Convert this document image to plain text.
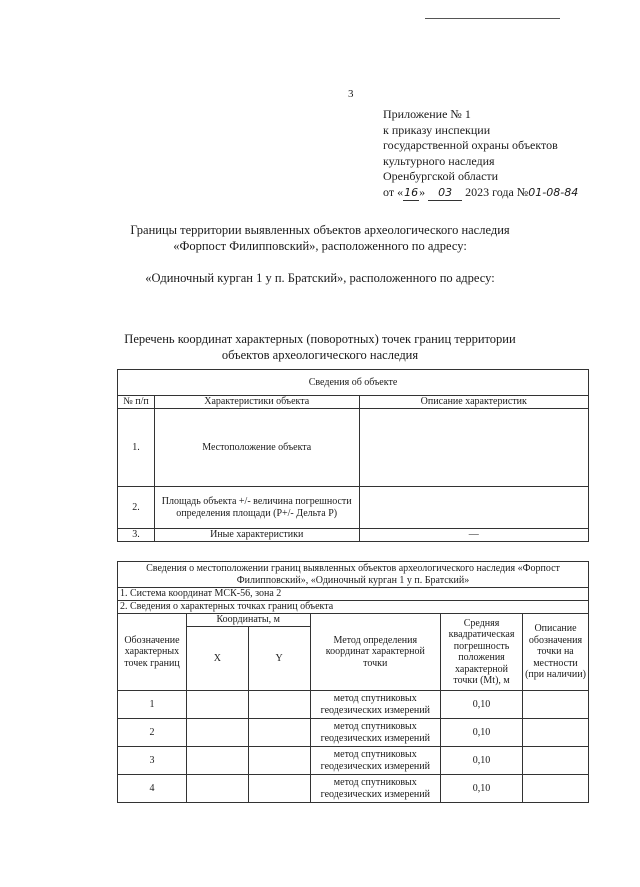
3
Приложение № 1
к приказу инспекции
государственной охраны объектов
культурного наследия
Оренбургской области
от «16» 03 2023 года №01-08-84
Границы территории выявленных объектов археологического наследия
«Форпост Филипповский», расположенного по адресу:
«Одиночный курган 1 у п. Братский», расположенного по адресу:
Перечень координат характерных (поворотных) точек границ территории
объектов археологического наследия
Сведения об объекте		
№ п/п	Характеристики объекта	Описание характеристик
1.	Местоположение объекта	
2.	Площадь объекта +/- величина погрешности определения площади (Р+/- Дельта Р)	
3.	Иные характеристики	—
Сведения о местоположении границ выявленных объектов археологического наследия «Форпост Филипповский», «Одиночный курган 1 у п. Братский»					
1. Система координат МСК-56, зона 2					
2. Сведения о характерных точках границ объекта					
Обозначение характерных точек границ	Координаты, м		Метод определения координат характерной точки	Средняя квадратическая погрешность положения характерной точки (Mt), м	Описание обозначения точки на местности (при наличии)
	X	Y			
1			метод спутниковых геодезических измерений	0,10	
2			метод спутниковых геодезических измерений	0,10	
3			метод спутниковых геодезических измерений	0,10	
4			метод спутниковых геодезических измерений	0,10	
